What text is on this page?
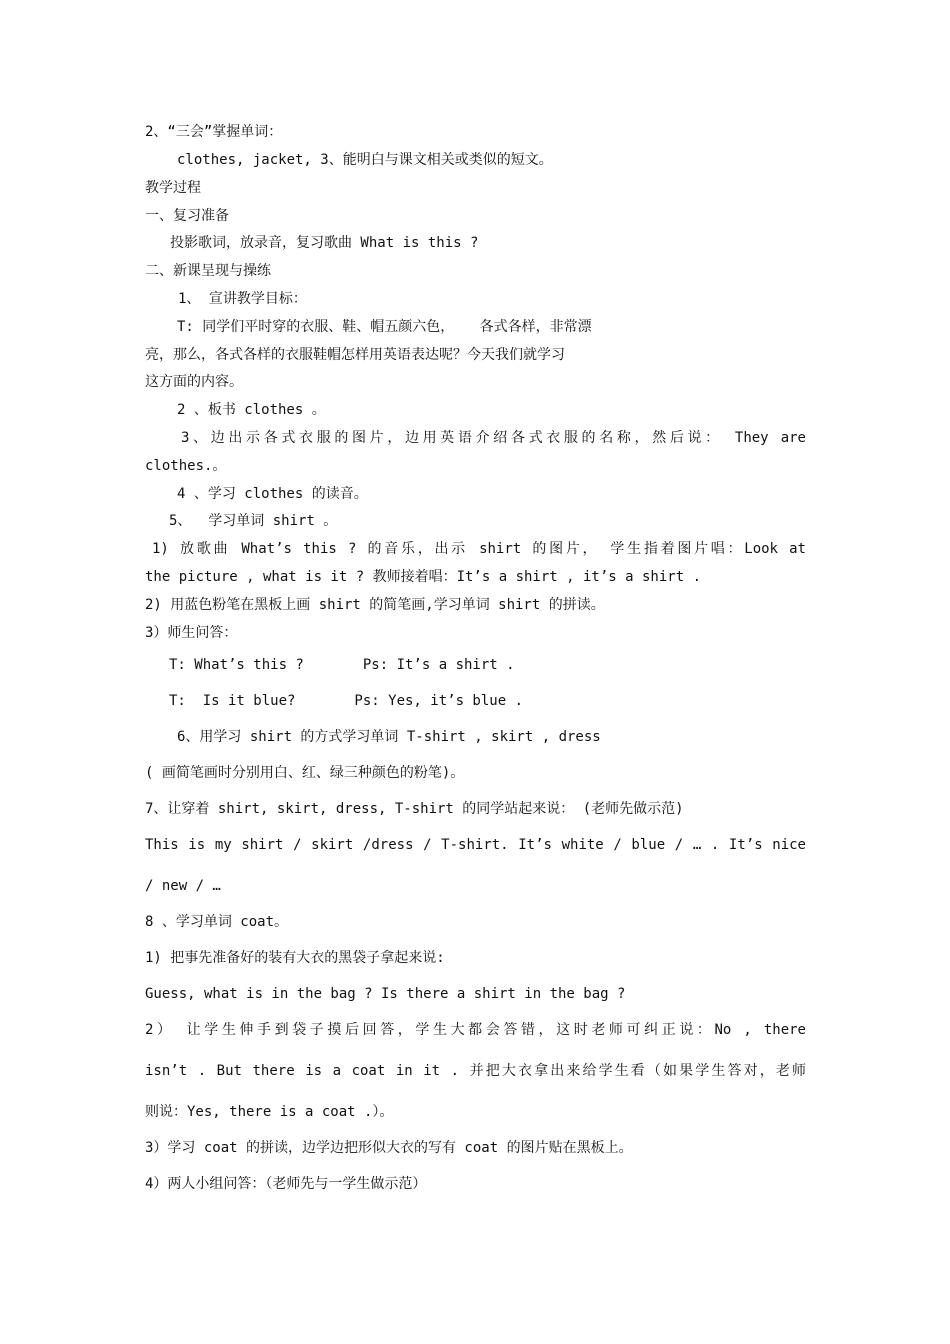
2、“三会”掌握单词：
clothes, jacket, 3、能明白与课文相关或类似的短文。
教学过程
一、复习准备
投影歌词，放录音，复习歌曲 What is this ?
二、新课呈现与操练
1、 宣讲教学目标：
T: 同学们平时穿的衣服、鞋、帽五颜六色，   各式各样，非常漂
亮，那么，各式各样的衣服鞋帽怎样用英语表达呢？今天我们就学习
这方面的内容。
2 、板书 clothes 。
3、边出示各式衣服的图片，边用英语介绍各式衣服的名称，然后说： They are
clothes.。
4 、学习 clothes 的读音。
5、  学习单词 shirt 。
1) 放歌曲 What’s this ? 的音乐，出示 shirt 的图片， 学生指着图片唱：Look at
the picture , what is it ? 教师接着唱：It’s a shirt , it’s a shirt .
2) 用蓝色粉笔在黑板上画 shirt 的简笔画,学习单词 shirt 的拼读。
3）师生问答：
T: What’s this ?       Ps: It’s a shirt .
T:  Is it blue?       Ps: Yes, it’s blue .
6、用学习 shirt 的方式学习单词 T-shirt , skirt , dress
( 画简笔画时分别用白、红、绿三种颜色的粉笔)。
7、让穿着 shirt, skirt, dress, T-shirt 的同学站起来说： (老师先做示范)
This is my shirt / skirt /dress / T-shirt. It’s white / blue / … . It’s nice
/ new / …
8 、学习单词 coat。
1) 把事先准备好的装有大衣的黑袋子拿起来说:
Guess, what is in the bag ? Is there a shirt in the bag ?
2） 让学生伸手到袋子摸后回答，学生大都会答错，这时老师可纠正说：No , there
isn’t . But there is a coat in it . 并把大衣拿出来给学生看（如果学生答对，老师
则说：Yes, there is a coat .）。
3）学习 coat 的拼读，边学边把形似大衣的写有 coat 的图片贴在黑板上。
4）两人小组问答：（老师先与一学生做示范）
